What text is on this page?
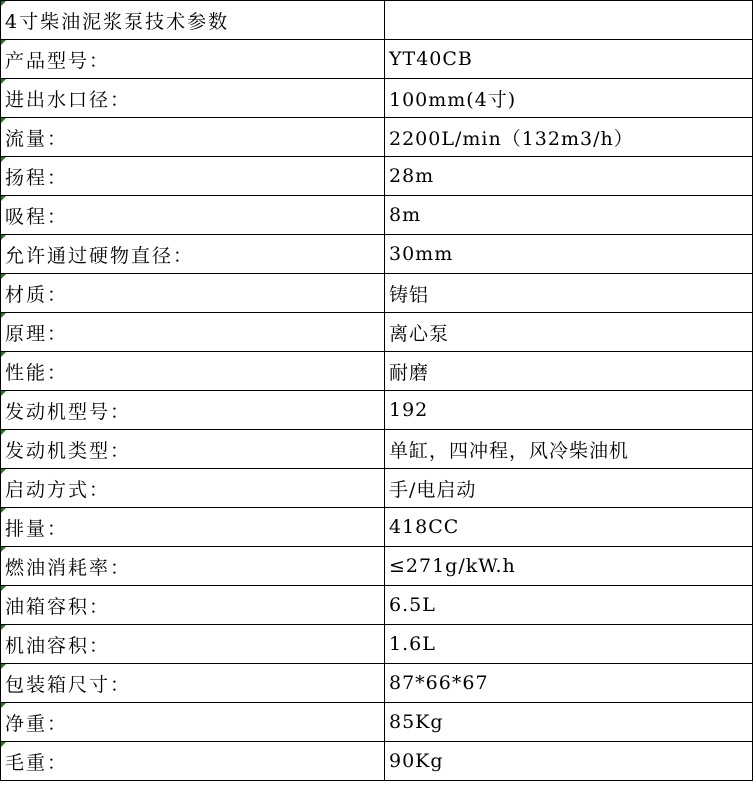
4寸柴油泥浆泵技术参数	
产品型号：	YT40CB
进出水口径：	100mm(4寸)
流量：	2200L/min（132m3/h）
扬程：	28m
吸程：	8m
允许通过硬物直径：	30mm
材质：	铸铝
原理：	离心泵
性能：	耐磨
发动机型号：	192
发动机类型：	单缸，四冲程，风冷柴油机
启动方式：	手/电启动
排量：	418CC
燃油消耗率：	≤271g/kW.h
油箱容积：	6.5L
机油容积：	1.6L
包装箱尺寸：	87*66*67
净重：	85Kg
毛重：	90Kg
